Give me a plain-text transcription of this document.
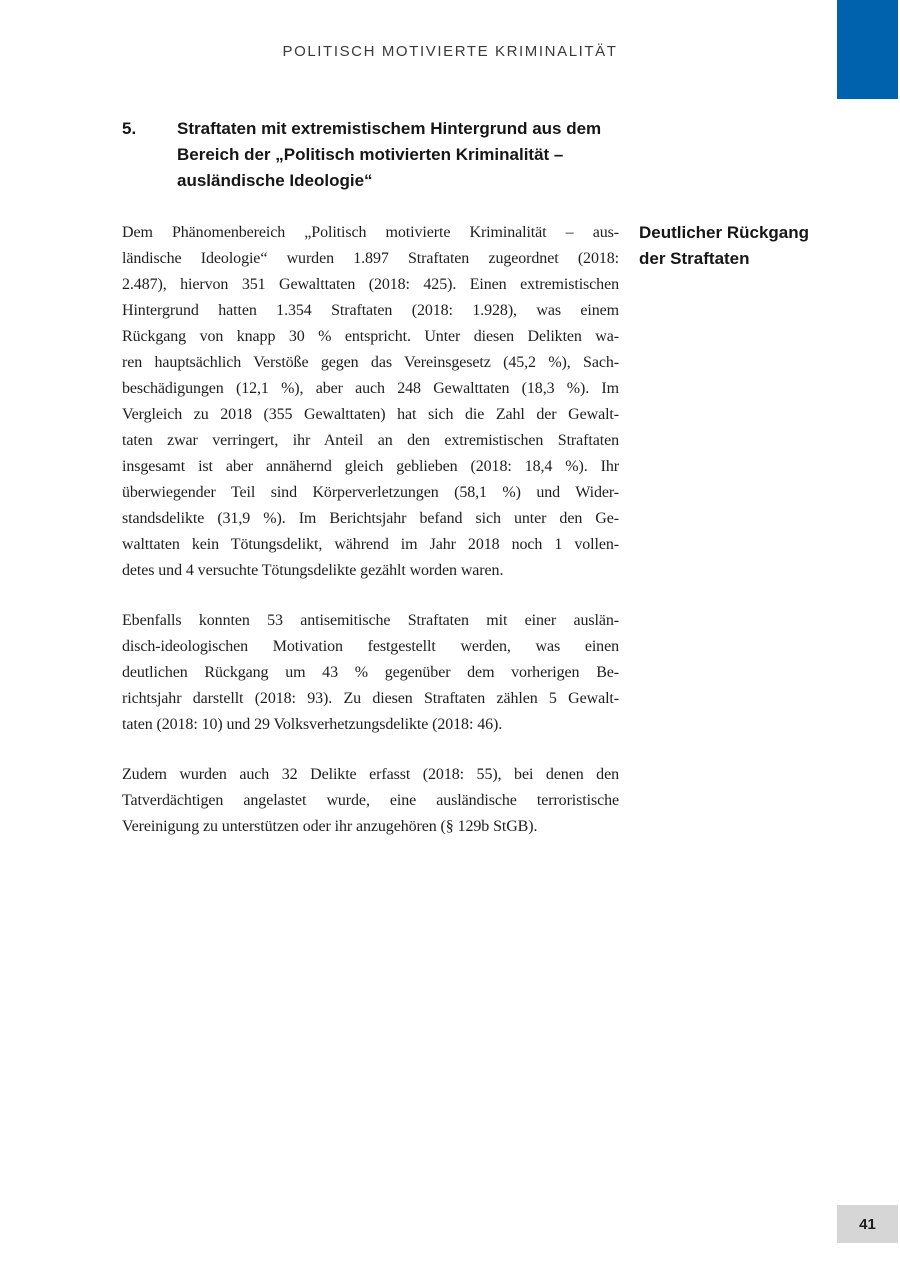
POLITISCH MOTIVIERTE KRIMINALITÄT
5. Straftaten mit extremistischem Hintergrund aus dem
Bereich der „Politisch motivierten Kriminalität –
ausländische Ideologie“
Dem Phänomenbereich „Politisch motivierte Kriminalität – aus-
ländische Ideologie“ wurden 1.897 Straftaten zugeordnet (2018:
2.487), hiervon 351 Gewalttaten (2018: 425). Einen extremistischen
Hintergrund hatten 1.354 Straftaten (2018: 1.928), was einem
Rückgang von knapp 30 % entspricht. Unter diesen Delikten wa-
ren hauptsächlich Verstöße gegen das Vereinsgesetz (45,2 %), Sach-
beschädigungen (12,1 %), aber auch 248 Gewalttaten (18,3 %). Im
Vergleich zu 2018 (355 Gewalttaten) hat sich die Zahl der Gewalt-
taten zwar verringert, ihr Anteil an den extremistischen Straftaten
insgesamt ist aber annähernd gleich geblieben (2018: 18,4 %). Ihr
überwiegender Teil sind Körperverletzungen (58,1 %) und Wider-
standsdelikte (31,9 %). Im Berichtsjahr befand sich unter den Ge-
walttaten kein Tötungsdelikt, während im Jahr 2018 noch 1 vollen-
detes und 4 versuchte Tötungsdelikte gezählt worden waren.
Ebenfalls konnten 53 antisemitische Straftaten mit einer auslän-
disch-ideologischen Motivation festgestellt werden, was einen
deutlichen Rückgang um 43 % gegenüber dem vorherigen Be-
richtsjahr darstellt (2018: 93). Zu diesen Straftaten zählen 5 Gewalt-
taten (2018: 10) und 29 Volksverhetzungsdelikte (2018: 46).
Zudem wurden auch 32 Delikte erfasst (2018: 55), bei denen den
Tatverdächtigen angelastet wurde, eine ausländische terroristische
Vereinigung zu unterstützen oder ihr anzugehören (§ 129b StGB).
Deutlicher Rückgang
der Straftaten
41
